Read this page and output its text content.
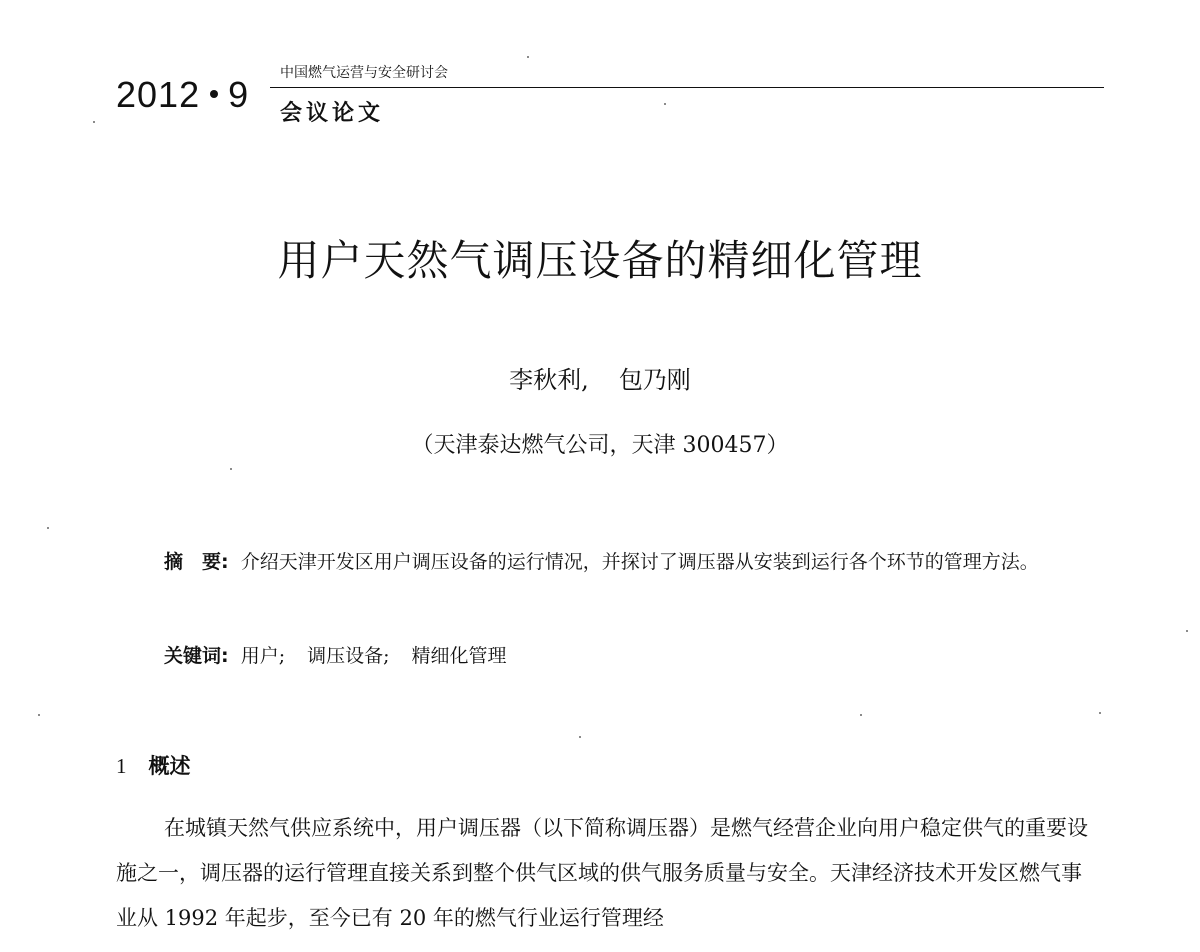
2012 9
中国燃气运营与安全研讨会
会议论文
用户天然气调压设备的精细化管理
李秋利, 包乃刚
（天津泰达燃气公司，天津 300457）
摘　要: 介绍天津开发区用户调压设备的运行情况，并探讨了调压器从安装到运行各个环节的管理方法。
关键词: 用户; 调压设备; 精细化管理
1 概述
在城镇天然气供应系统中，用户调压器（以下简称调压器）是燃气经营企业向用户稳定供气的重要设施之一，调压器的运行管理直接关系到整个供气区域的供气服务质量与安全。天津经济技术开发区燃气事业从 1992 年起步，至今已有 20 年的燃气行业运行管理经
